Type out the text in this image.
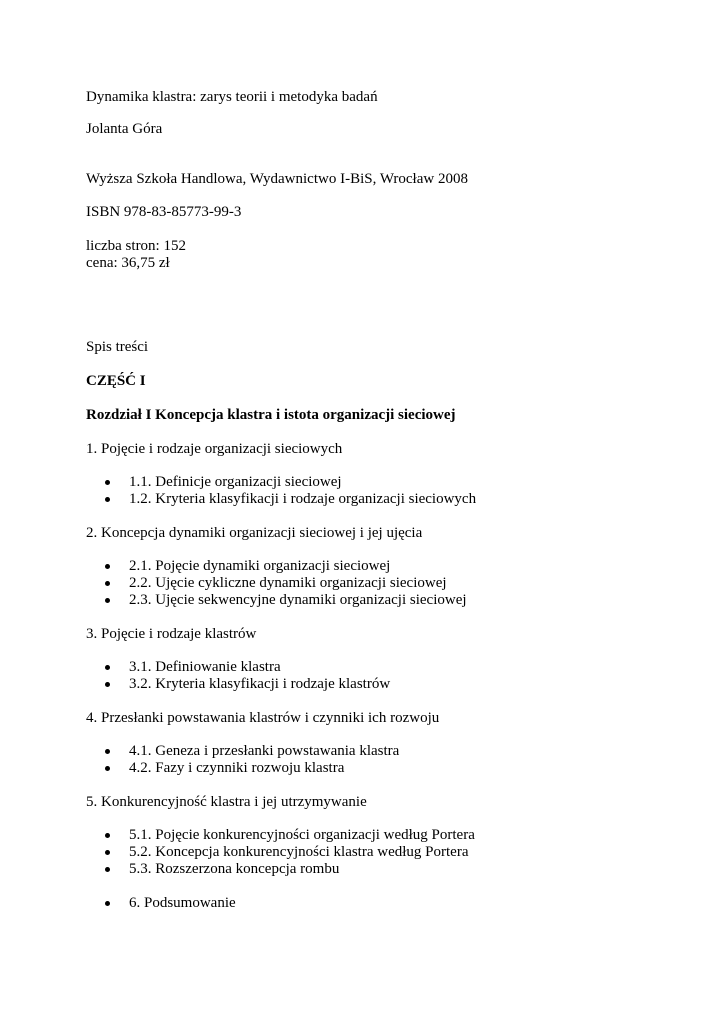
Dynamika klastra: zarys teorii i metodyka badań
Jolanta Góra
Wyższa Szkoła Handlowa, Wydawnictwo I-BiS, Wrocław 2008
ISBN 978-83-85773-99-3
liczba stron: 152
cena: 36,75 zł
Spis treści
CZĘŚĆ I
Rozdział I Koncepcja klastra i istota organizacji sieciowej
1. Pojęcie i rodzaje organizacji sieciowych
1.1. Definicje organizacji sieciowej
1.2. Kryteria klasyfikacji i rodzaje organizacji sieciowych
2. Koncepcja dynamiki organizacji sieciowej i jej ujęcia
2.1. Pojęcie dynamiki organizacji sieciowej
2.2. Ujęcie cykliczne dynamiki organizacji sieciowej
2.3. Ujęcie sekwencyjne dynamiki organizacji sieciowej
3. Pojęcie i rodzaje klastrów
3.1. Definiowanie klastra
3.2. Kryteria klasyfikacji i rodzaje klastrów
4. Przesłanki powstawania klastrów i czynniki ich rozwoju
4.1. Geneza i przesłanki powstawania klastra
4.2. Fazy i czynniki rozwoju klastra
5. Konkurencyjność klastra i jej utrzymywanie
5.1. Pojęcie konkurencyjności organizacji według Portera
5.2. Koncepcja konkurencyjności klastra według Portera
5.3. Rozszerzona koncepcja rombu
6. Podsumowanie
